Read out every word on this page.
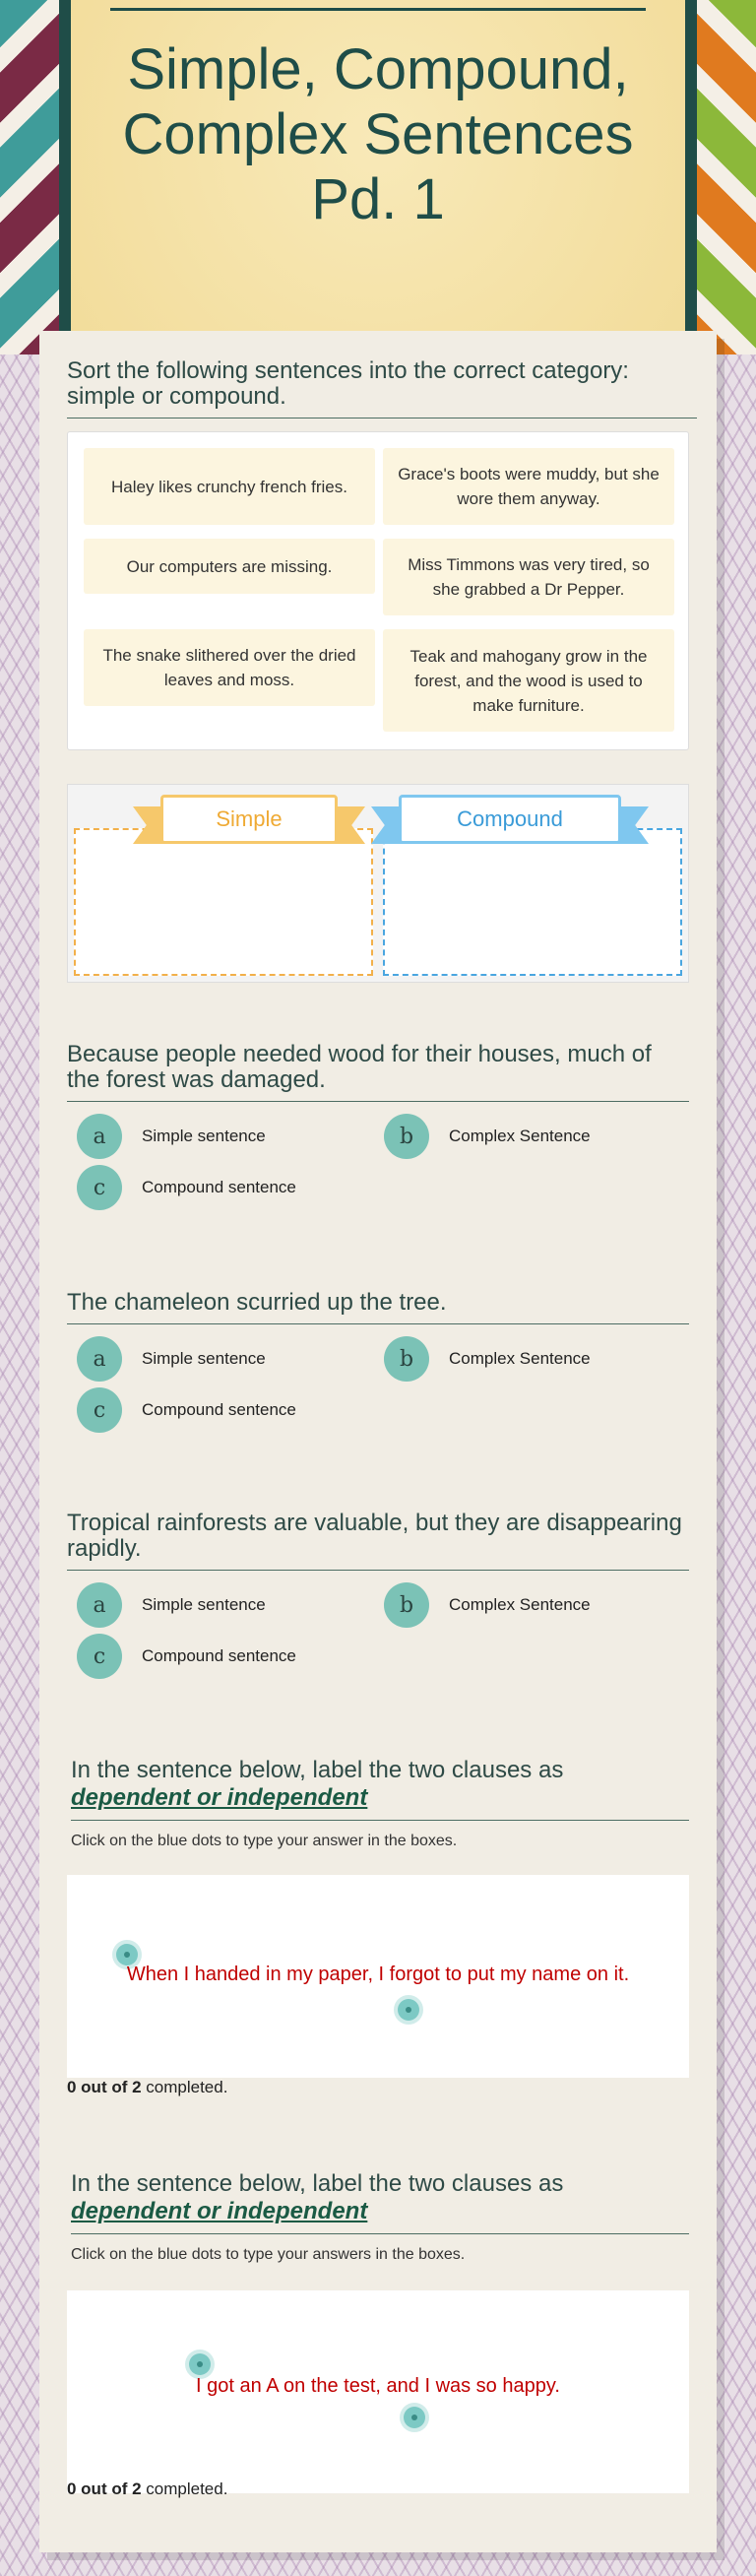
Simple, Compound, Complex Sentences Pd. 1
Sort the following sentences into the correct category: simple or compound.
Haley likes crunchy french fries.
Grace's boots were muddy, but she wore them anyway.
Our computers are missing.	Miss Timmons was very tired, so she grabbed a Dr Pepper.
The snake slithered over the dried leaves and moss.
Teak and mahogany grow in the forest, and the wood is used to make furniture.
Simple	Compound
Because people needed wood for their houses, much of the forest was damaged.
a	Simple sentence	b	Complex Sentence
c	Compound sentence
The chameleon scurried up the tree.
a	Simple sentence	b	Complex Sentence
c	Compound sentence
Tropical rainforests are valuable, but they are disappearing rapidly.
a	Simple sentence	b	Complex Sentence
c	Compound sentence
In the sentence below, label the two clauses as
dependent or independent
Click on the blue dots to type your answer in the boxes.
When I handed in my paper, I forgot to put my name on it.
0 out of 2 completed.
In the sentence below, label the two clauses as
dependent or independent
Click on the blue dots to type your answers in the boxes.
I got an A on the test, and I was so happy.
0 out of 2 completed.
